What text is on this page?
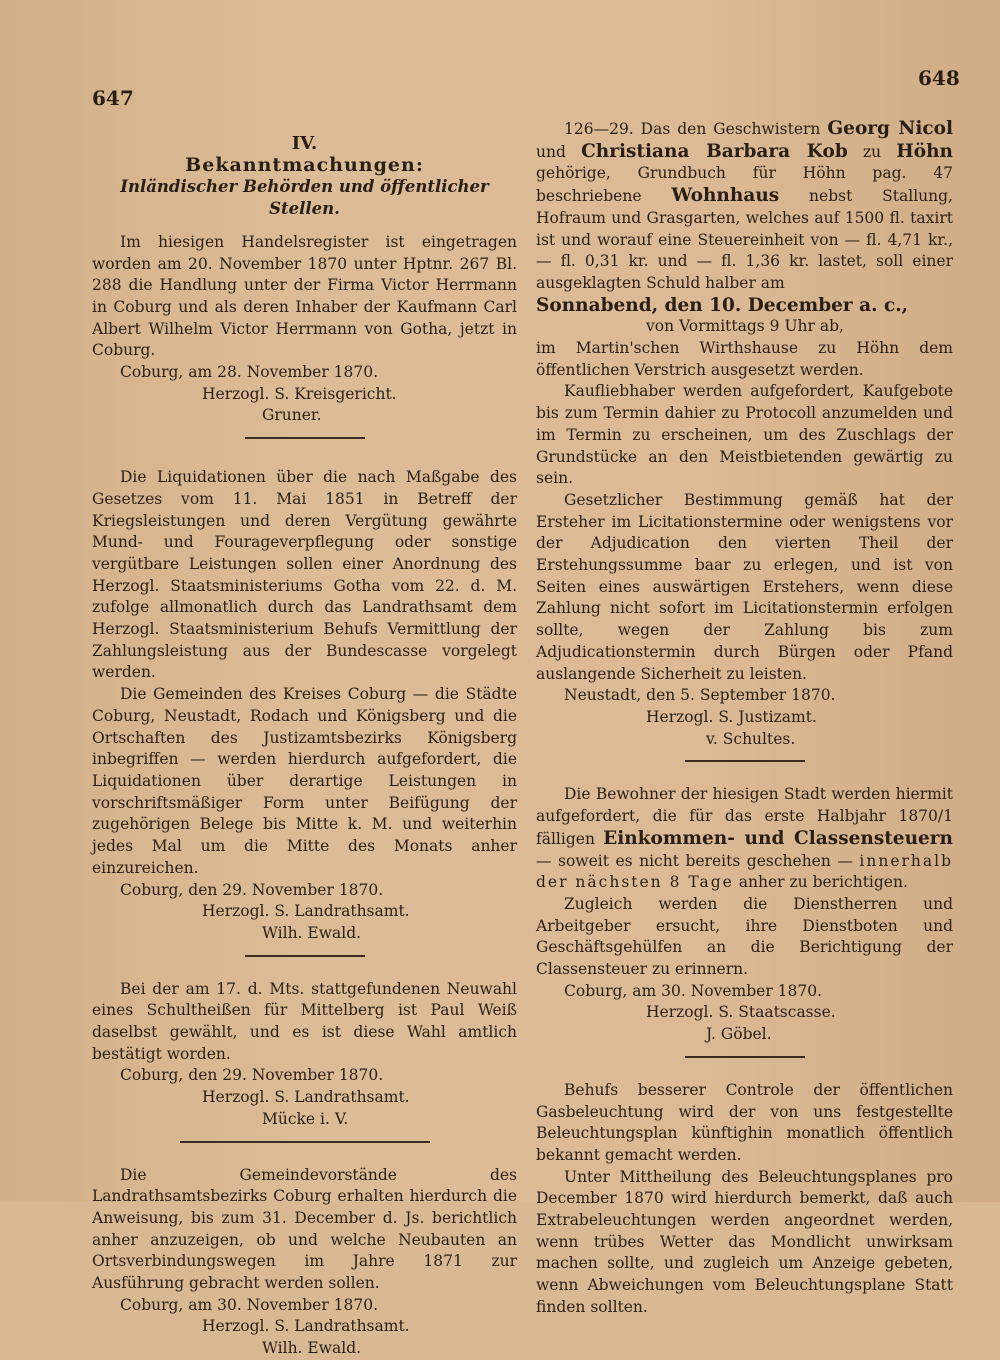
647
648

IV.

Bekanntmachungen:

Inländischer Behörden und öffentlicher Stellen.

Im hiesigen Handelsregister ist eingetragen worden am 20. November 1870 unter Hptnr. 267 Bl. 288 die Handlung unter der Firma Victor Herrmann in Coburg und als deren Inhaber der Kaufmann Carl Albert Wilhelm Victor Herrmann von Gotha, jetzt in Coburg.

Coburg, am 28. November 1870.

Herzogl. S. Kreisgericht.

Gruner.

Die Liquidationen über die nach Maßgabe des Gesetzes vom 11. Mai 1851 in Betreff der Kriegsleistungen und deren Vergütung gewährte Mund- und Fourageverpflegung oder sonstige vergütbare Leistungen sollen einer Anordnung des Herzogl. Staatsministeriums Gotha vom 22. d. M. zufolge allmonatlich durch das Landrathsamt dem Herzogl. Staatsministerium Behufs Vermittlung der Zahlungsleistung aus der Bundescasse vorgelegt werden.

Die Gemeinden des Kreises Coburg — die Städte Coburg, Neustadt, Rodach und Königsberg und die Ortschaften des Justizamtsbezirks Königsberg inbegriffen — werden hierdurch aufgefordert, die Liquidationen über derartige Leistungen in vorschriftsmäßiger Form unter Beifügung der zugehörigen Belege bis Mitte k. M. und weiterhin jedes Mal um die Mitte des Monats anher einzureichen.

Coburg, den 29. November 1870.

Herzogl. S. Landrathsamt.

Wilh. Ewald.

Bei der am 17. d. Mts. stattgefundenen Neuwahl eines Schultheißen für Mittelberg ist Paul Weiß daselbst gewählt, und es ist diese Wahl amtlich bestätigt worden.

Coburg, den 29. November 1870.

Herzogl. S. Landrathsamt.

Mücke i. V.

Die Gemeindevorstände des Landrathsamtsbezirks Coburg erhalten hierdurch die Anweisung, bis zum 31. December d. Js. berichtlich anher anzuzeigen, ob und welche Neubauten an Ortsverbindungswegen im Jahre 1871 zur Ausführung gebracht werden sollen.

Coburg, am 30. November 1870.

Herzogl. S. Landrathsamt.

Wilh. Ewald.

126—29. Das den Geschwistern Georg Nicol und Christiana Barbara Kob zu Höhn gehörige, Grundbuch für Höhn pag. 47 beschriebene Wohnhaus nebst Stallung, Hofraum und Grasgarten, welches auf 1500 fl. taxirt ist und worauf eine Steuereinheit von — fl. 4,71 kr., — fl. 0,31 kr. und — fl. 1,36 kr. lastet, soll einer ausgeklagten Schuld halber am

Sonnabend, den 10. December a. c.,

von Vormittags 9 Uhr ab,

im Martin'schen Wirthshause zu Höhn dem öffentlichen Verstrich ausgesetzt werden.

Kaufliebhaber werden aufgefordert, Kaufgebote bis zum Termin dahier zu Protocoll anzumelden und im Termin zu erscheinen, um des Zuschlags der Grundstücke an den Meistbietenden gewärtig zu sein.

Gesetzlicher Bestimmung gemäß hat der Ersteher im Licitationstermine oder wenigstens vor der Adjudication den vierten Theil der Erstehungssumme baar zu erlegen, und ist von Seiten eines auswärtigen Erstehers, wenn diese Zahlung nicht sofort im Licitationstermin erfolgen sollte, wegen der Zahlung bis zum Adjudicationstermin durch Bürgen oder Pfand auslangende Sicherheit zu leisten.

Neustadt, den 5. September 1870.

Herzogl. S. Justizamt.

v. Schultes.

Die Bewohner der hiesigen Stadt werden hiermit aufgefordert, die für das erste Halbjahr 1870/1 fälligen Einkommen- und Classensteuern — soweit es nicht bereits geschehen — innerhalb der nächsten 8 Tage anher zu berichtigen.

Zugleich werden die Dienstherren und Arbeitgeber ersucht, ihre Dienstboten und Geschäftsgehülfen an die Berichtigung der Classensteuer zu erinnern.

Coburg, am 30. November 1870.

Herzogl. S. Staatscasse.

J. Göbel.

Behufs besserer Controle der öffentlichen Gasbeleuchtung wird der von uns festgestellte Beleuchtungsplan künftighin monatlich öffentlich bekannt gemacht werden.

Unter Mittheilung des Beleuchtungsplanes pro December 1870 wird hierdurch bemerkt, daß auch Extrabeleuchtungen werden angeordnet werden, wenn trübes Wetter das Mondlicht unwirksam machen sollte, und zugleich um Anzeige gebeten, wenn Abweichungen vom Beleuchtungsplane Statt finden sollten.
